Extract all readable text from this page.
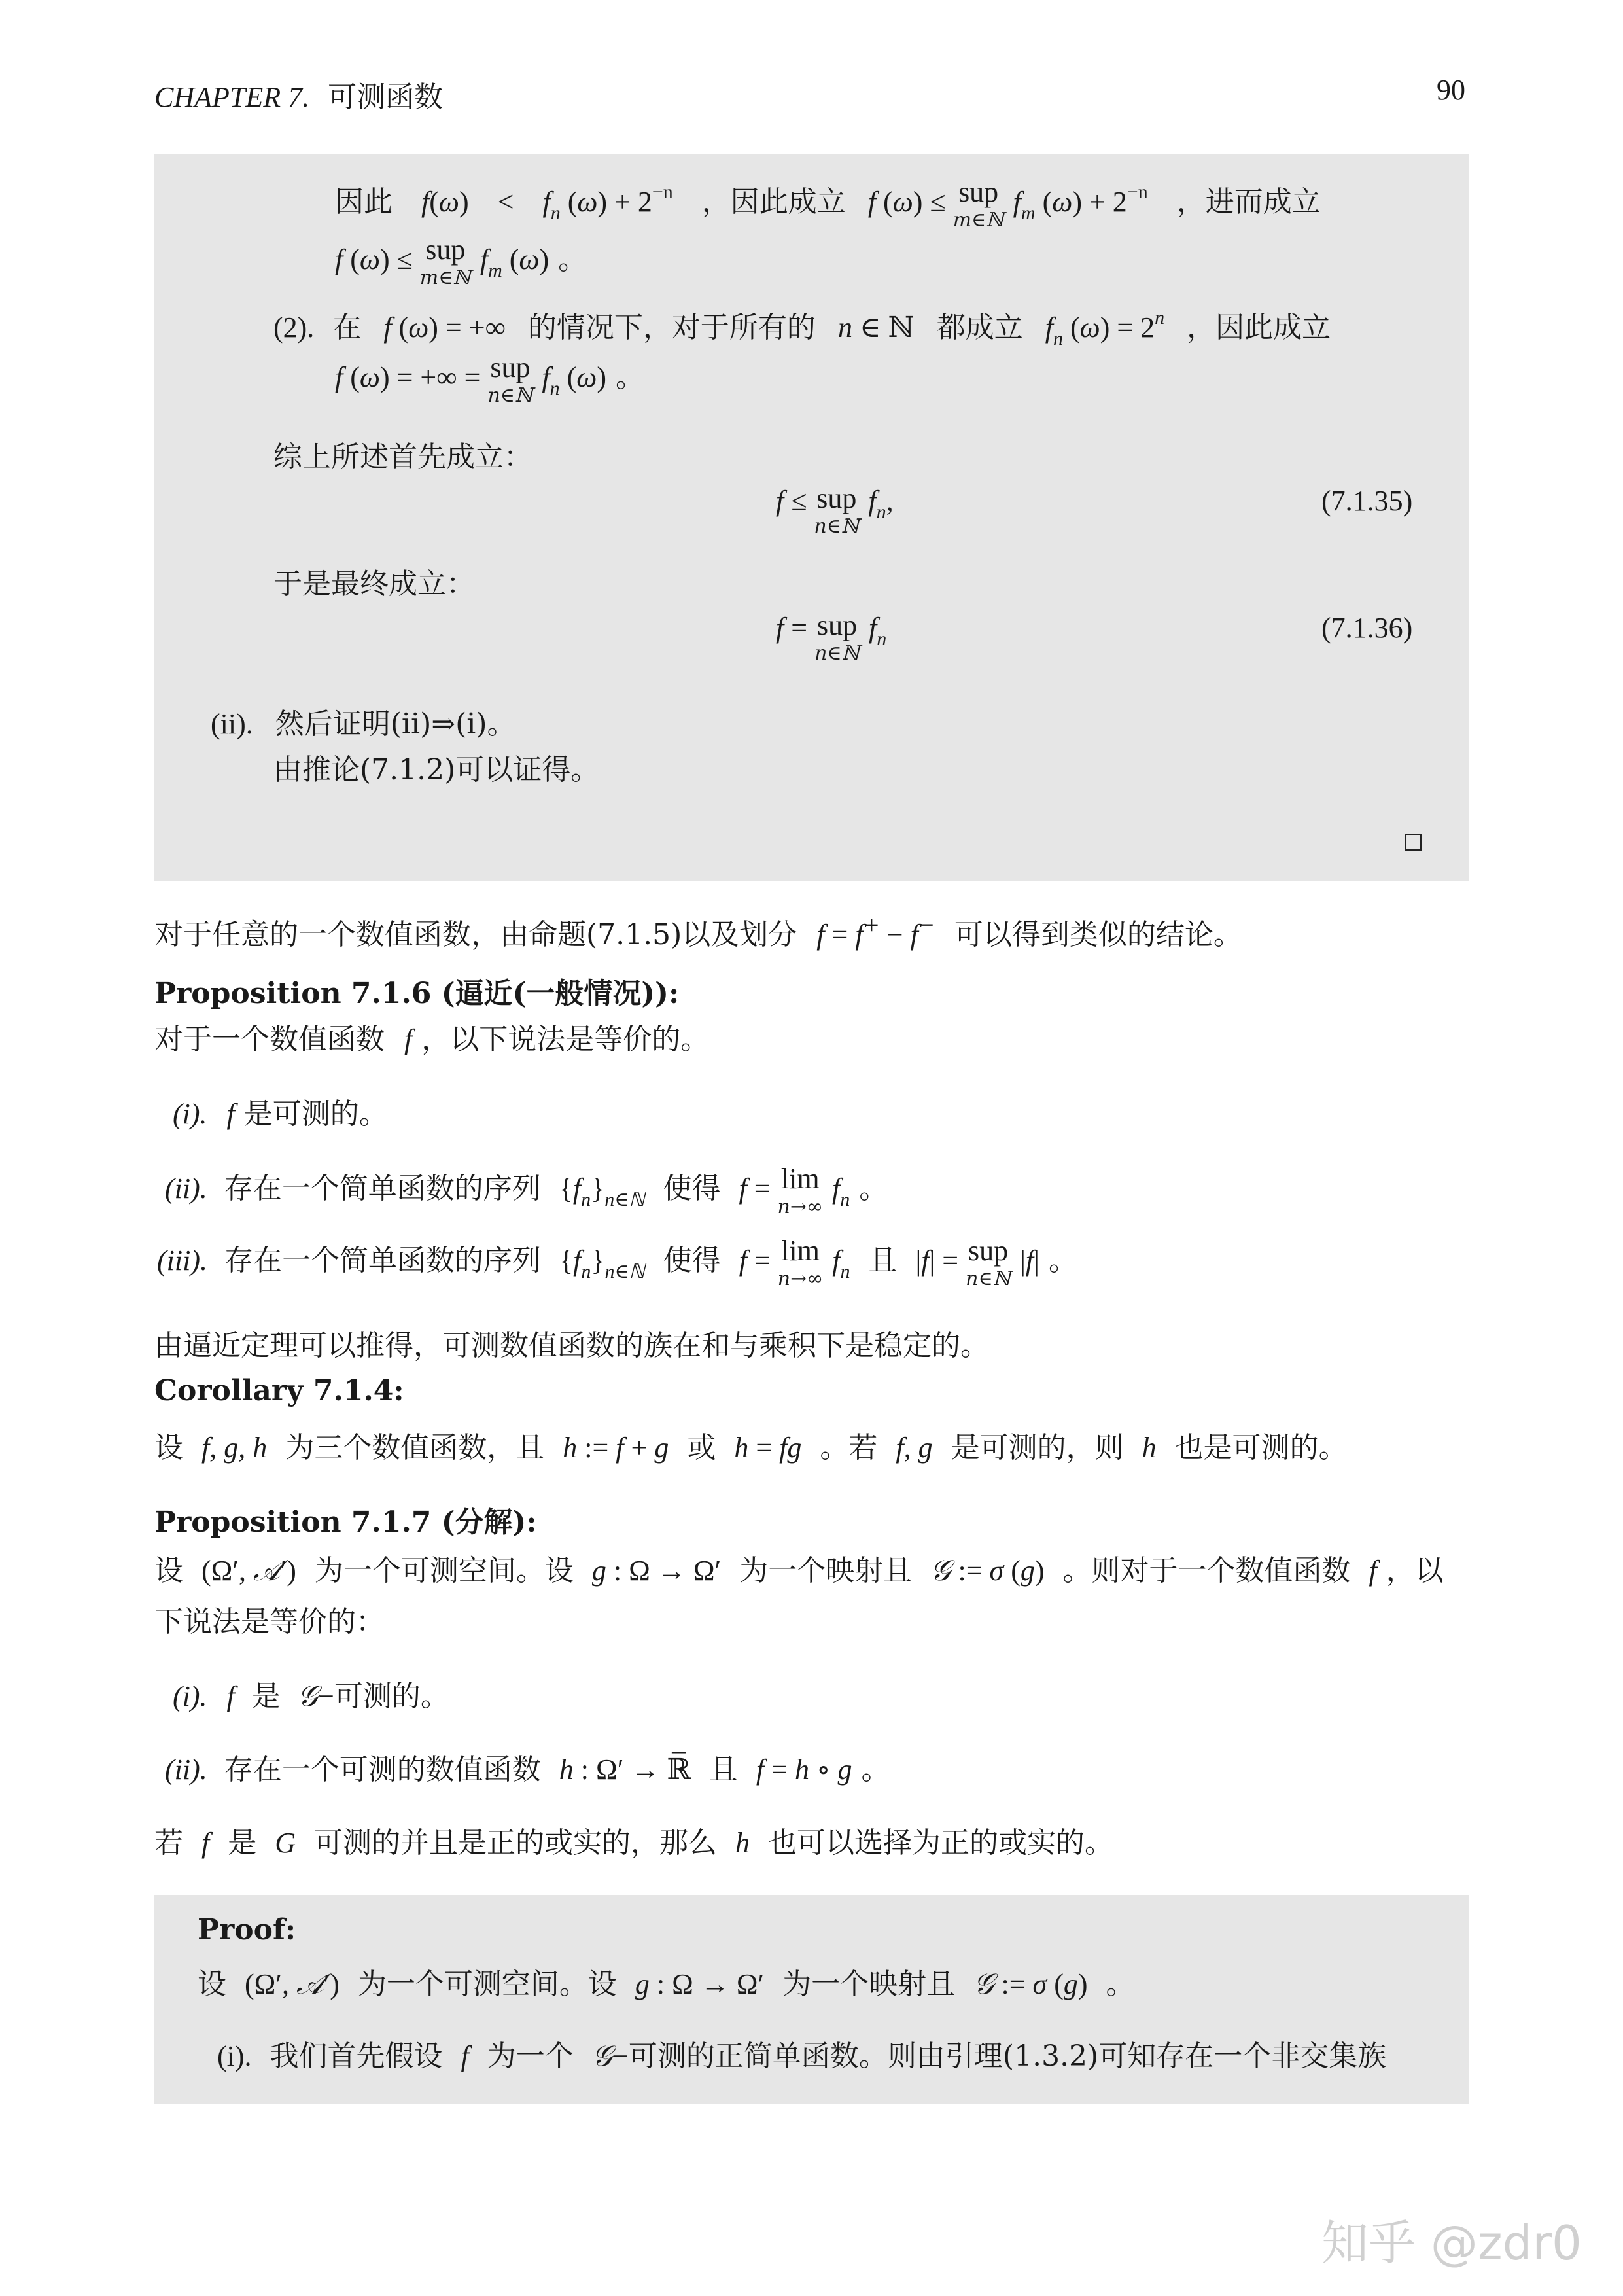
CHAPTER 7. 可测函数	90
因此 $f(\omega) < f_n$ $(\omega) + 2^{-n}$ ，因此成立 f (ω) ≤ sup
m∈ℕ
$f_m$ $(\omega) + 2^{-n}$ ，进而成立
f (ω) ≤ sup
m∈ℕ
$f_m$ (ω) 。
(2). 在 f (ω) = +∞ 的情况下，对于所有的 n ∈ ℕ 都成立 $f_n$ $(\omega) = 2^n$ ，因此成立
f (ω) = +∞ = sup
n∈ℕ
$f_n$ (ω) 。
综上所述首先成立：
f ≤ sup
n∈ℕ
$f_n$,	(7.1.35)
于是最终成立：
f = sup
n∈ℕ
$f_n$	(7.1.36)
(ii). 然后证明(ii)⇒(i)。
由推论(7.1.2)可以证得。
对于任意的一个数值函数，由命题(7.1.5)以及划分 f = f+ − f− 可以得到类似的结论。
Proposition 7.1.6 (逼近(一般情况)):
对于一个数值函数 f ，以下说法是等价的。
(i). f 是可测的。
(ii). 存在一个简单函数的序列 $\{f_n\}_{n\in ℕ}$ 使得 f = lim
n→∞
$f_n$ 。
(iii). 存在一个简单函数的序列 $\{f_n\}_{n\in ℕ}$ 使得 f = lim
n→∞
$f_n$ 且 |f| = sup
n∈ℕ
|f| 。
由逼近定理可以推得，可测数值函数的族在和与乘积下是稳定的。
Corollary 7.1.4:
设 f, g, h 为三个数值函数，且 h := f + g 或 h = fg 。若 f, g 是可测的，则 h 也是可测的。
Proposition 7.1.7 (分解):
设 (Ω′, 𝒜′) 为一个可测空间。设 g : Ω → Ω′ 为一个映射且 𝒢 := σ (g) 。则对于一个数值函数 f ，以
下说法是等价的：
(i). f 是 𝒢−可测的。
(ii). 存在一个可测的数值函数 h : Ω′ → ℝ̅ 且 f = h ∘ g 。
若 f 是 G 可测的并且是正的或实的，那么 h 也可以选择为正的或实的。
Proof:
设 (Ω′, 𝒜′) 为一个可测空间。设 g : Ω → Ω′ 为一个映射且 𝒢 := σ (g) 。
(i). 我们首先假设 f 为一个 𝒢−可测的正简单函数。则由引理(1.3.2)可知存在一个非交集族
知乎 @zdr0
